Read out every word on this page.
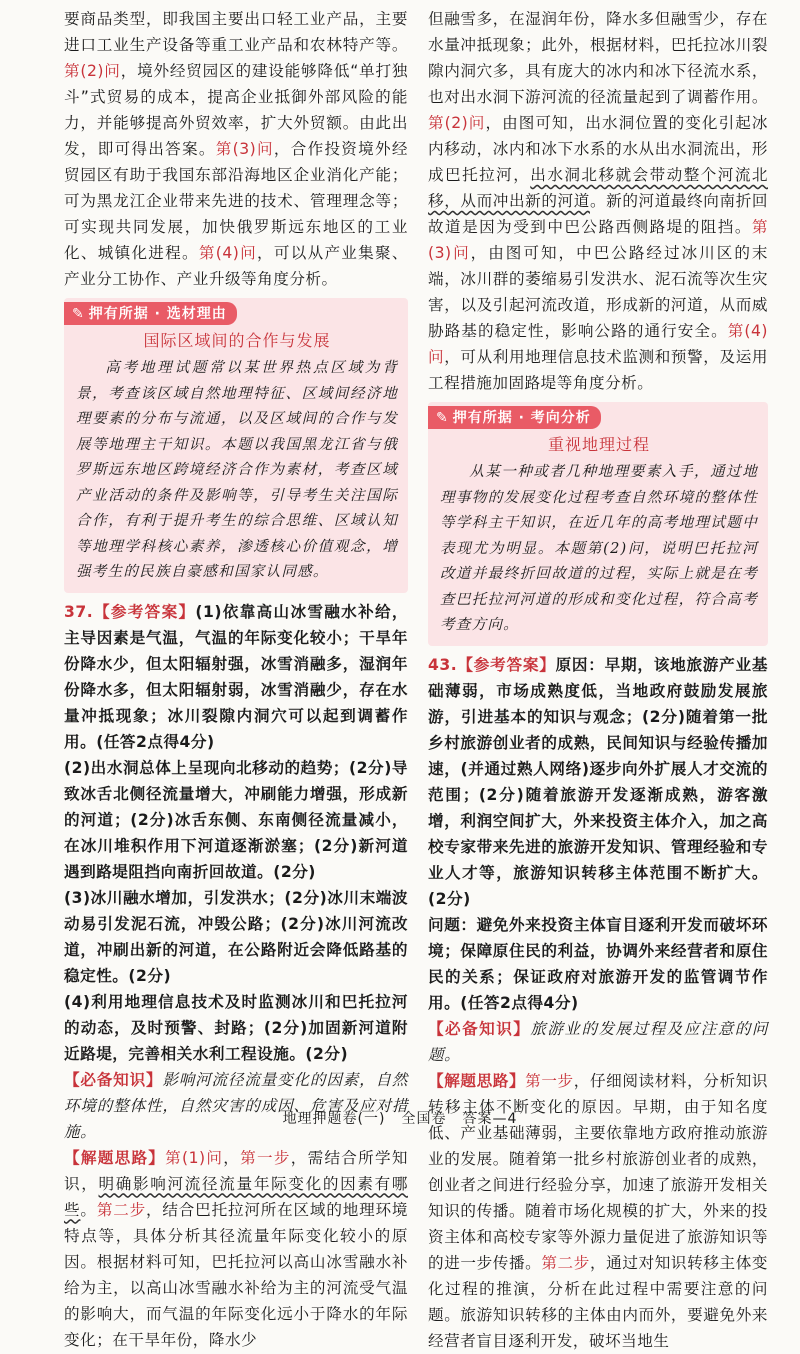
要商品类型，即我国主要出口轻工业产品，主要进口工业生产设备等重工业产品和农林特产等。第(2)问，境外经贸园区的建设能够降低“单打独斗”式贸易的成本，提高企业抵御外部风险的能力，并能够提高外贸效率，扩大外贸额。由此出发，即可得出答案。第(3)问，合作投资境外经贸园区有助于我国东部沿海地区企业消化产能；可为黑龙江企业带来先进的技术、管理理念等；可实现共同发展，加快俄罗斯远东地区的工业化、城镇化进程。第(4)问，可以从产业集聚、产业分工协作、产业升级等角度分析。

✎ 押有所据 · 选材理由
国际区域间的合作与发展
高考地理试题常以某世界热点区域为背景，考查该区域自然地理特征、区域间经济地理要素的分布与流通，以及区域间的合作与发展等地理主干知识。本题以我国黑龙江省与俄罗斯远东地区跨境经济合作为素材，考查区域产业活动的条件及影响等，引导考生关注国际合作，有利于提升考生的综合思维、区域认知等地理学科核心素养，渗透核心价值观念，增强考生的民族自豪感和国家认同感。

37.【参考答案】(1)依靠高山冰雪融水补给，主导因素是气温，气温的年际变化较小；干旱年份降水少，但太阳辐射强，冰雪消融多，湿润年份降水多，但太阳辐射弱，冰雪消融少，存在水量冲抵现象；冰川裂隙内洞穴可以起到调蓄作用。(任答2点得4分)

(2)出水洞总体上呈现向北移动的趋势；(2分)导致冰舌北侧径流量增大，冲刷能力增强，形成新的河道；(2分)冰舌东侧、东南侧径流量减小，在冰川堆积作用下河道逐渐淤塞；(2分)新河道遇到路堤阻挡向南折回故道。(2分)

(3)冰川融水增加，引发洪水；(2分)冰川末端波动易引发泥石流，冲毁公路；(2分)冰川河流改道，冲刷出新的河道，在公路附近会降低路基的稳定性。(2分)

(4)利用地理信息技术及时监测冰川和巴托拉河的动态，及时预警、封路；(2分)加固新河道附近路堤，完善相关水利工程设施。(2分)

【必备知识】影响河流径流量变化的因素，自然环境的整体性，自然灾害的成因、危害及应对措施。

【解题思路】第(1)问，第一步，需结合所学知识，明确影响河流径流量年际变化的因素有哪些。第二步，结合巴托拉河所在区域的地理环境特点等，具体分析其径流量年际变化较小的原因。根据材料可知，巴托拉河以高山冰雪融水补给为主，以高山冰雪融水补给为主的河流受气温的影响大，而气温的年际变化远小于降水的年际变化；在干旱年份，降水少

但融雪多，在湿润年份，降水多但融雪少，存在水量冲抵现象；此外，根据材料，巴托拉冰川裂隙内洞穴多，具有庞大的冰内和冰下径流水系，也对出水洞下游河流的径流量起到了调蓄作用。第(2)问，由图可知，出水洞位置的变化引起冰内移动，冰内和冰下水系的水从出水洞流出，形成巴托拉河，出水洞北移就会带动整个河流北移，从而冲出新的河道。新的河道最终向南折回故道是因为受到中巴公路西侧路堤的阻挡。第(3)问，由图可知，中巴公路经过冰川区的末端，冰川群的萎缩易引发洪水、泥石流等次生灾害，以及引起河流改道，形成新的河道，从而威胁路基的稳定性，影响公路的通行安全。第(4)问，可从利用地理信息技术监测和预警，及运用工程措施加固路堤等角度分析。

✎ 押有所据 · 考向分析
重视地理过程
从某一种或者几种地理要素入手，通过地理事物的发展变化过程考查自然环境的整体性等学科主干知识，在近几年的高考地理试题中表现尤为明显。本题第(2)问，说明巴托拉河改道并最终折回故道的过程，实际上就是在考查巴托拉河河道的形成和变化过程，符合高考考查方向。

43.【参考答案】原因：早期，该地旅游产业基础薄弱，市场成熟度低，当地政府鼓励发展旅游，引进基本的知识与观念；(2分)随着第一批乡村旅游创业者的成熟，民间知识与经验传播加速，(并通过熟人网络)逐步向外扩展人才交流的范围；(2分)随着旅游开发逐渐成熟，游客激增，利润空间扩大，外来投资主体介入，加之高校专家带来先进的旅游开发知识、管理经验和专业人才等，旅游知识转移主体范围不断扩大。(2分)

问题：避免外来投资主体盲目逐利开发而破坏环境；保障原住民的利益，协调外来经营者和原住民的关系；保证政府对旅游开发的监管调节作用。(任答2点得4分)

【必备知识】旅游业的发展过程及应注意的问题。

【解题思路】第一步，仔细阅读材料，分析知识转移主体不断变化的原因。早期，由于知名度低、产业基础薄弱，主要依靠地方政府推动旅游业的发展。随着第一批乡村旅游创业者的成熟，创业者之间进行经验分享，加速了旅游开发相关知识的传播。随着市场化规模的扩大，外来的投资主体和高校专家等外源力量促进了旅游知识等的进一步传播。第二步，通过对知识转移主体变化过程的推演，分析在此过程中需要注意的问题。旅游知识转移的主体由内而外，要避免外来经营者盲目逐利开发，破坏当地生

地理押题卷(一) 全国卷 答案—4
